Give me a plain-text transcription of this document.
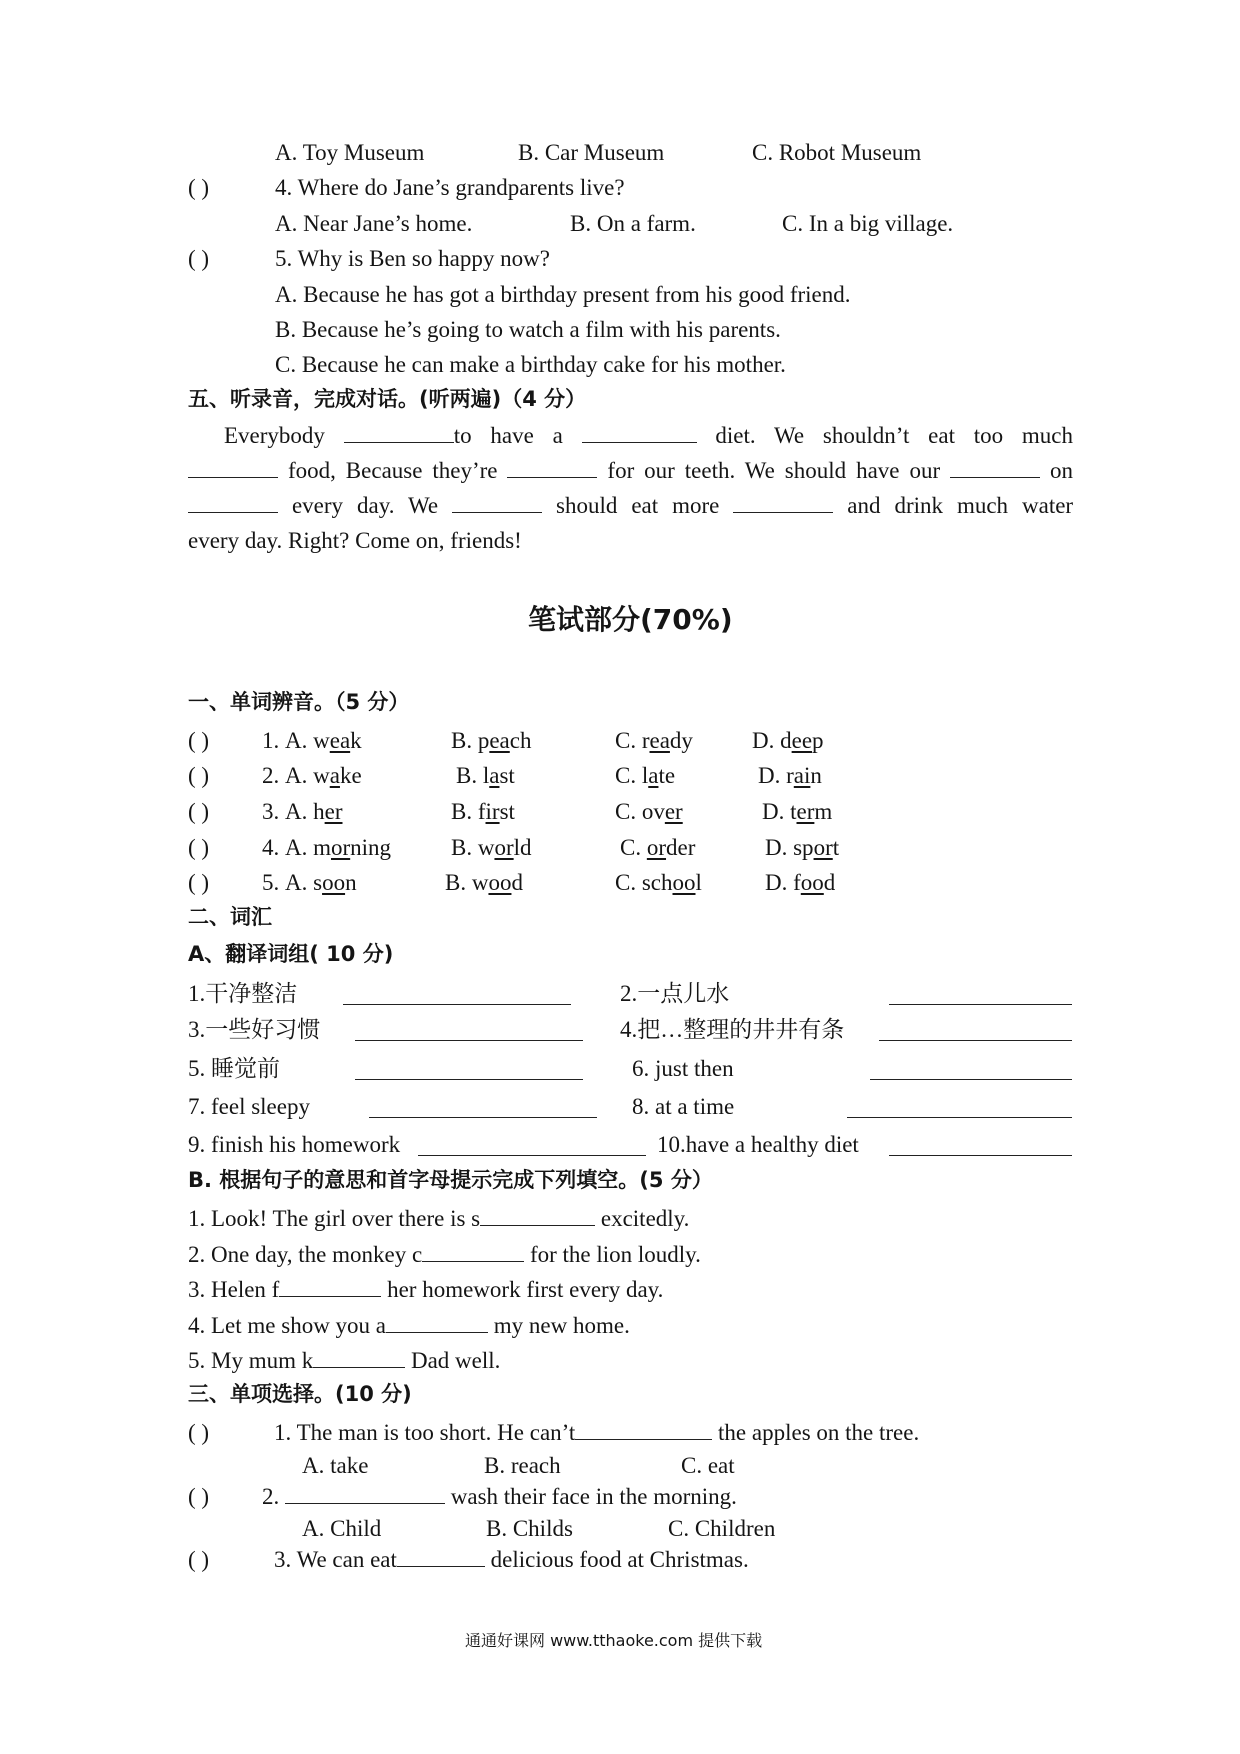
A. Toy Museum	B. Car Museum	C. Robot Museum
( )	4. Where do Jane’s grandparents live?
A. Near Jane’s home.	B. On a farm.	C. In a big village.
( )	5. Why is Ben so happy now?
A. Because he has got a birthday present from his good friend.
B. Because he’s going to watch a film with his parents.
C. Because he can make a birthday cake for his mother.
五、听录音，完成对话。(听两遍)（4 分）
Everybody	to have a	diet. We shouldn’t eat too much
food, Because they’re	for our teeth. We should have our	on
every day. We	should eat more	and drink much water
every day. Right? Come on, friends!
笔试部分(70%)
一、单词辨音。（5 分）
( ) 1. A. weak	B. peach	C. ready	D. deep
( ) 2. A. wake	B. last	C. late	D. rain
( ) 3. A. her	B. first	C. over	D. term
( ) 4. A. morning	B. world	C. order	D. sport
( ) 5. A. soon	B. wood	C. school	D. food
二、词汇
A、翻译词组( 10 分)
1.干净整洁	2.一点儿水
3.一些好习惯	4.把…整理的井井有条
5. 睡觉前	6. just then
7. feel sleepy	8. at a time
9. finish his homework	10.have a healthy diet
B. 根据句子的意思和首字母提示完成下列填空。(5 分）
1. Look! The girl over there is s	excitedly.
2. One day, the monkey c	for the lion loudly.
3. Helen f	her homework first every day.
4. Let me show you a	my new home.
5. My mum k	Dad well.
三、单项选择。(10 分)
( )	1. The man is too short. He can’t	the apples on the tree.
A. take	B. reach	C. eat
( ) 2.	wash their face in the morning.
A. Child	B. Childs	C. Children
( )	3. We can eat	delicious food at Christmas.
通通好课网 www.tthaoke.com 提供下载
